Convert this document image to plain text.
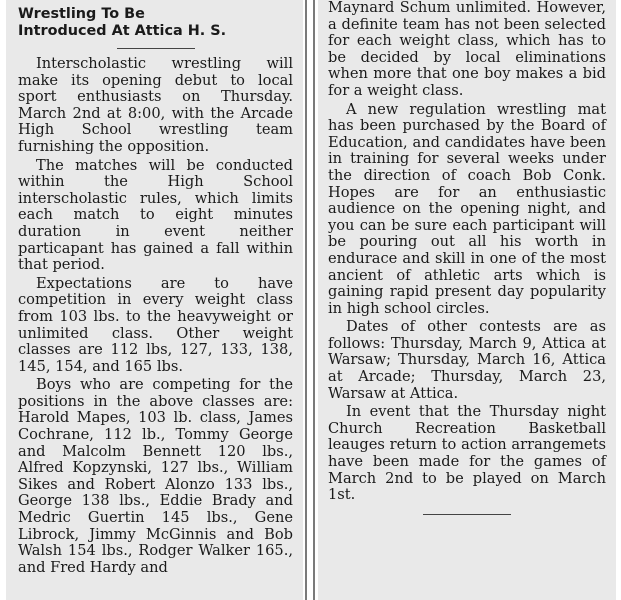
Wrestling To Be
Introduced At Attica H. S.

Interscholastic wrestling will make its opening debut to local sport enthusiasts on Thursday. March 2nd at 8:00, with the Arcade High School wrestling team furnishing the opposition.

The matches will be conducted within the High School interscholastic rules, which limits each match to eight minutes duration in event neither particapant has gained a fall within that period.

Expectations are to have competition in every weight class from 103 lbs. to the heavyweight or unlimited class. Other weight classes are 112 lbs, 127, 133, 138, 145, 154, and 165 lbs.

Boys who are competing for the positions in the above classes are: Harold Mapes, 103 lb. class, James Cochrane, 112 lb., Tommy George and Malcolm Bennett 120 lbs., Alfred Kopzynski, 127 lbs., William Sikes and Robert Alonzo 133 lbs., George 138 lbs., Eddie Brady and Medric Guertin 145 lbs., Gene Librock, Jimmy McGinnis and Bob Walsh 154 lbs., Rodger Walker 165., and Fred Hardy and

Maynard Schum unlimited. However, a definite team has not been selected for each weight class, which has to be decided by local eliminations when more that one boy makes a bid for a weight class.

A new regulation wrestling mat has been purchased by the Board of Education, and candidates have been in training for several weeks under the direction of coach Bob Conk. Hopes are for an enthusiastic audience on the opening night, and you can be sure each participant will be pouring out all his worth in endurace and skill in one of the most ancient of athletic arts which is gaining rapid present day popularity in high school circles.

Dates of other contests are as follows: Thursday, March 9, Attica at Warsaw; Thursday, March 16, Attica at Arcade; Thursday, March 23, Warsaw at Attica.

In event that the Thursday night Church Recreation Basketball leauges return to action arrangemets have been made for the games of March 2nd to be played on March 1st.
